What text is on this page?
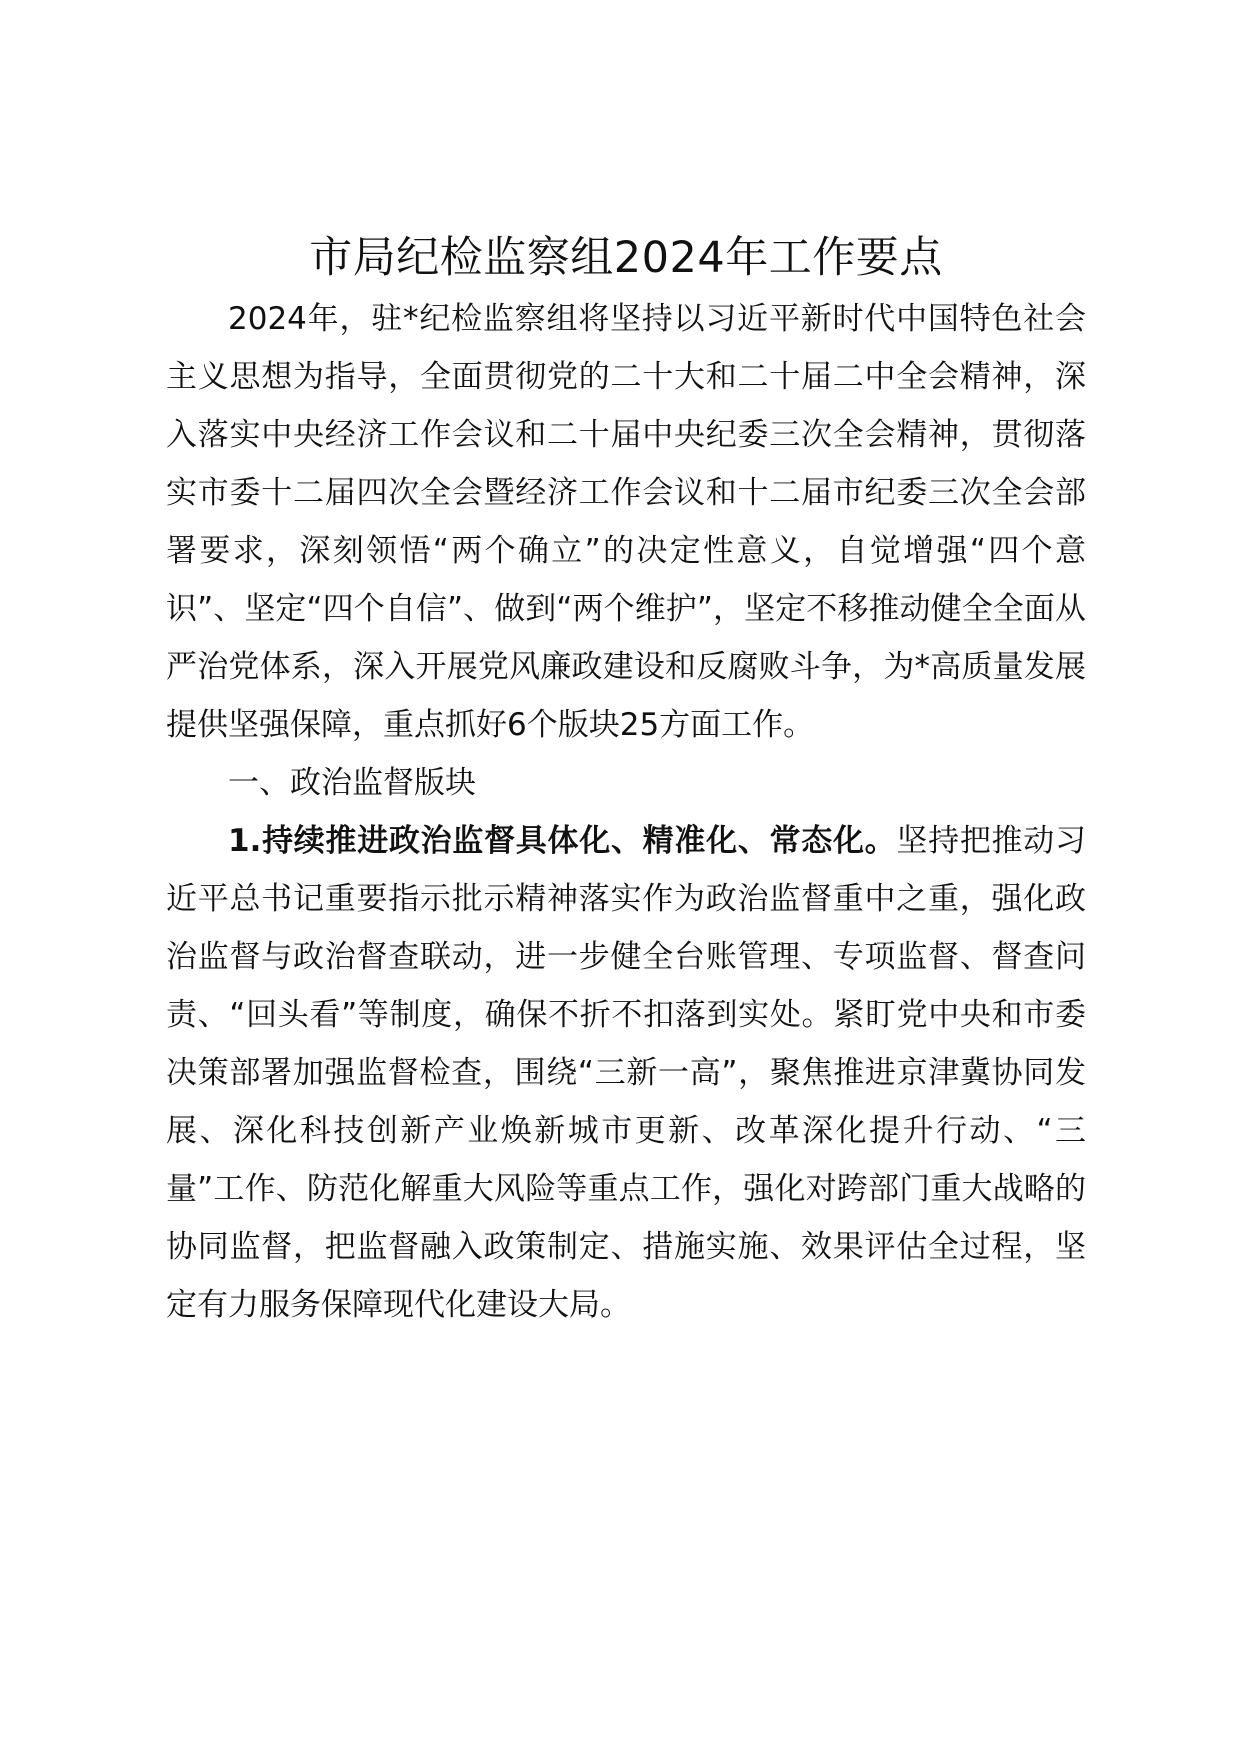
市局纪检监察组2024年工作要点

2024年，驻*纪检监察组将坚持以习近平新时代中国特色社会主义思想为指导，全面贯彻党的二十大和二十届二中全会精神，深入落实中央经济工作会议和二十届中央纪委三次全会精神，贯彻落实市委十二届四次全会暨经济工作会议和十二届市纪委三次全会部署要求，深刻领悟“两个确立”的决定性意义，自觉增强“四个意识”、坚定“四个自信”、做到“两个维护”，坚定不移推动健全全面从严治党体系，深入开展党风廉政建设和反腐败斗争，为*高质量发展提供坚强保障，重点抓好6个版块25方面工作。

一、政治监督版块

1.持续推进政治监督具体化、精准化、常态化。坚持把推动习近平总书记重要指示批示精神落实作为政治监督重中之重，强化政治监督与政治督查联动，进一步健全台账管理、专项监督、督查问责、“回头看”等制度，确保不折不扣落到实处。紧盯党中央和市委决策部署加强监督检查，围绕“三新一高”，聚焦推进京津冀协同发展、深化科技创新产业焕新城市更新、改革深化提升行动、“三量”工作、防范化解重大风险等重点工作，强化对跨部门重大战略的协同监督，把监督融入政策制定、措施实施、效果评估全过程，坚定有力服务保障现代化建设大局。
